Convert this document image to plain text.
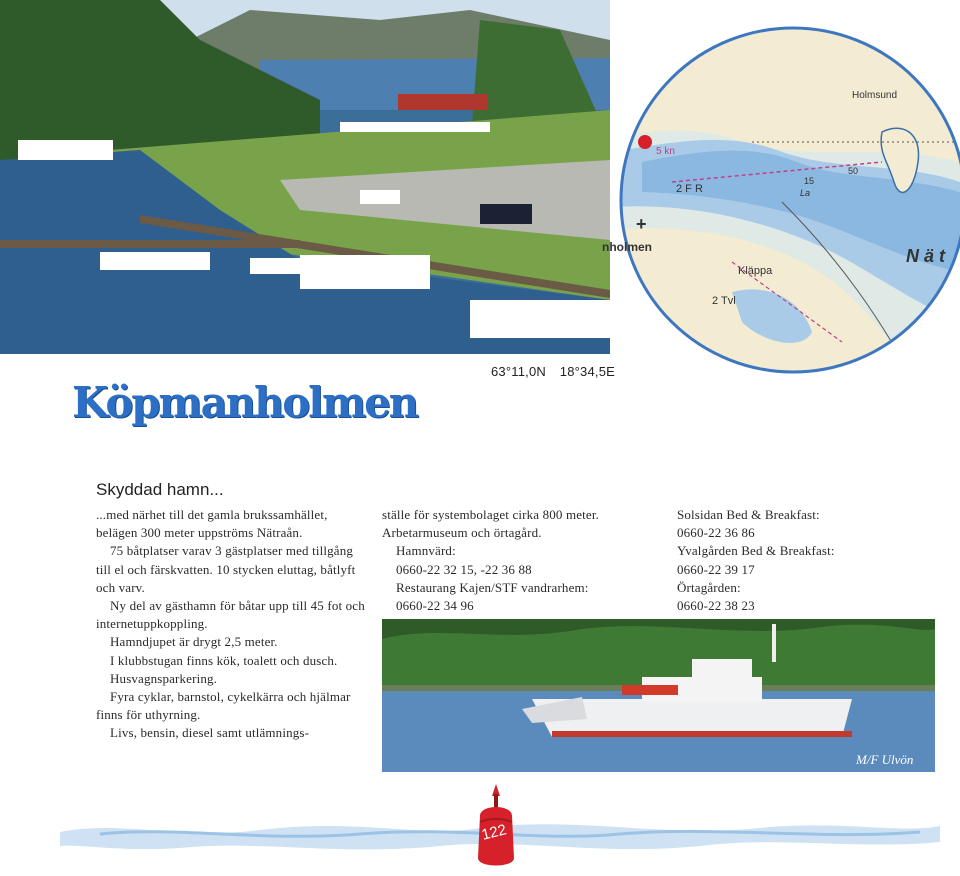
Holmsund
5 kn
2 F R
15
La
50
nholmen
Kläppa
2 Tvl
N ä t
+
63°11,0N 18°34,5E
Köpmanholmen
Skyddad hamn...

...med närhet till det gamla brukssamhället, belägen 300 meter uppströms Nätraån.

75 båtplatser varav 3 gästplatser med tillgång till el och färskvatten. 10 stycken eluttag, båtlyft och varv.

Ny del av gästhamn för båtar upp till 45 fot och internetuppkoppling.

Hamndjupet är drygt 2,5 meter.

I klubbstugan finns kök, toalett och dusch.

Husvagnsparkering.

Fyra cyklar, barnstol, cykelkärra och hjälmar finns för uthyrning.

Livs, bensin, diesel samt utlämnings-

ställe för systembolaget cirka 800 meter.

Arbetarmuseum och örtagård.

Hamnvärd:

0660-22 32 15, -22 36 88

Restaurang Kajen/STF vandrarhem:

0660-22 34 96

Solsidan Bed & Breakfast:

0660-22 36 86

Yvalgården Bed & Breakfast:

0660-22 39 17

Örtagården:

0660-22 38 23

M/F Ulvön
122
